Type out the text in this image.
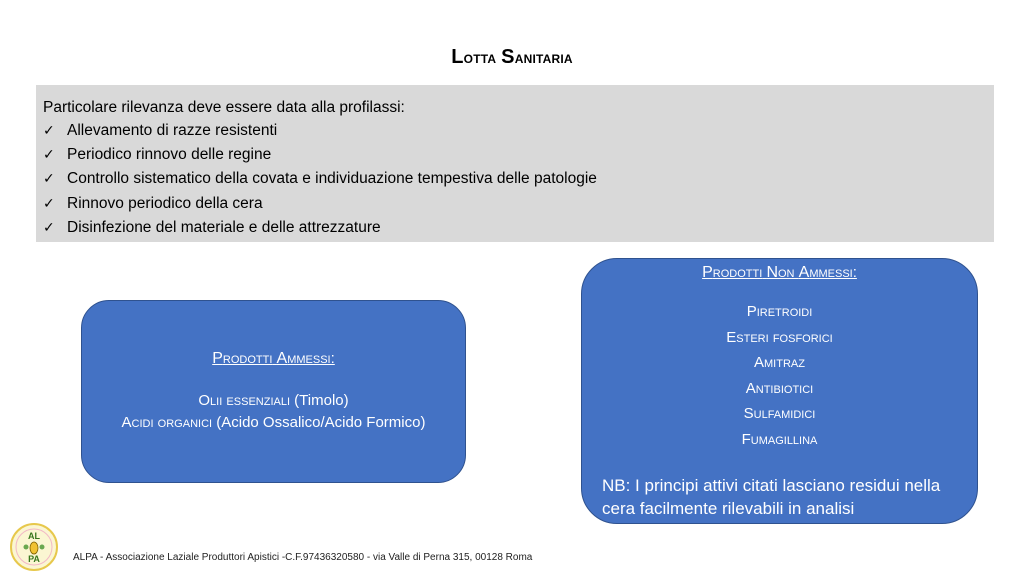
Lotta Sanitaria
Particolare rilevanza deve essere data alla profilassi:
✓ Allevamento di razze resistenti
✓ Periodico rinnovo delle regine
✓ Controllo sistematico della covata e individuazione tempestiva delle patologie
✓ Rinnovo periodico della cera
✓ Disinfezione del materiale e delle attrezzature
Prodotti Ammessi:
Olii essenziali (Timolo)
Acidi organici (Acido Ossalico/Acido Formico)
Prodotti Non Ammessi:
Piretroidi
Esteri fosforici
Amitraz
Antibiotici
Sulfamidici
Fumagillina
NB: I principi attivi citati lasciano residui nella cera facilmente rilevabili in analisi
AL
PA	ALPA - Associazione Laziale Produttori Apistici -C.F.97436320580 - via Valle di Perna 315, 00128 Roma
